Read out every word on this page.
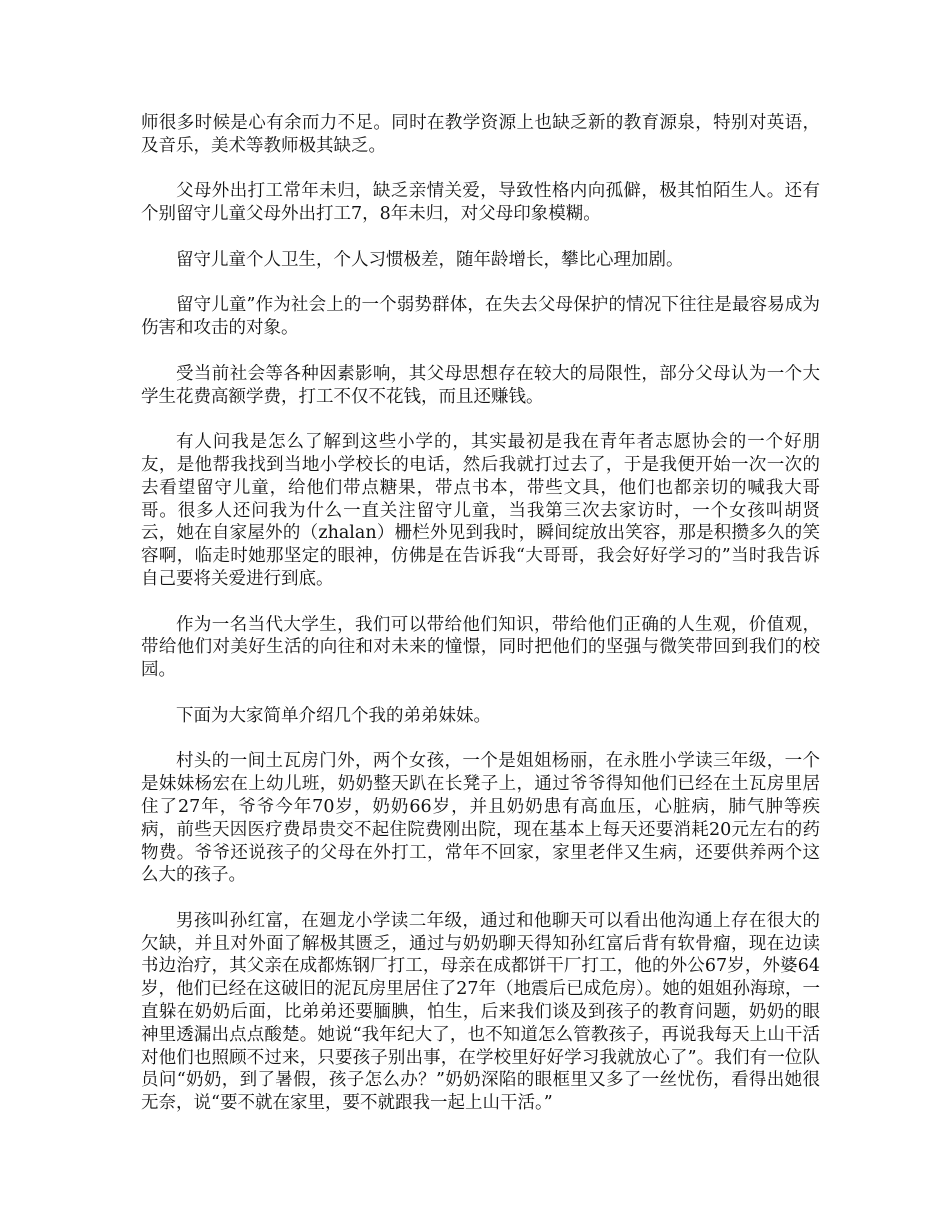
师很多时候是心有余而力不足。同时在教学资源上也缺乏新的教育源泉，特别对英语，及音乐，美术等教师极其缺乏。

父母外出打工常年未归，缺乏亲情关爱，导致性格内向孤僻，极其怕陌生人。还有个别留守儿童父母外出打工7，8年未归，对父母印象模糊。

留守儿童个人卫生，个人习惯极差，随年龄增长，攀比心理加剧。

留守儿童”作为社会上的一个弱势群体，在失去父母保护的情况下往往是最容易成为伤害和攻击的对象。

受当前社会等各种因素影响，其父母思想存在较大的局限性，部分父母认为一个大学生花费高额学费，打工不仅不花钱，而且还赚钱。

有人问我是怎么了解到这些小学的，其实最初是我在青年者志愿协会的一个好朋友，是他帮我找到当地小学校长的电话，然后我就打过去了，于是我便开始一次一次的去看望留守儿童，给他们带点糖果，带点书本，带些文具，他们也都亲切的喊我大哥哥。很多人还问我为什么一直关注留守儿童，当我第三次去家访时，一个女孩叫胡贤云，她在自家屋外的（zhalan）栅栏外见到我时，瞬间绽放出笑容，那是积攒多久的笑容啊，临走时她那坚定的眼神，仿佛是在告诉我“大哥哥，我会好好学习的”当时我告诉自己要将关爱进行到底。

作为一名当代大学生，我们可以带给他们知识，带给他们正确的人生观，价值观，带给他们对美好生活的向往和对未来的憧憬，同时把他们的坚强与微笑带回到我们的校园。

下面为大家简单介绍几个我的弟弟妹妹。

村头的一间土瓦房门外，两个女孩，一个是姐姐杨丽，在永胜小学读三年级，一个是妹妹杨宏在上幼儿班，奶奶整天趴在长凳子上，通过爷爷得知他们已经在土瓦房里居住了27年，爷爷今年70岁，奶奶66岁，并且奶奶患有高血压，心脏病，肺气肿等疾病，前些天因医疗费昂贵交不起住院费刚出院，现在基本上每天还要消耗20元左右的药物费。爷爷还说孩子的父母在外打工，常年不回家，家里老伴又生病，还要供养两个这么大的孩子。

男孩叫孙红富，在廻龙小学读二年级，通过和他聊天可以看出他沟通上存在很大的欠缺，并且对外面了解极其匮乏，通过与奶奶聊天得知孙红富后背有软骨瘤，现在边读书边治疗，其父亲在成都炼钢厂打工，母亲在成都饼干厂打工，他的外公67岁，外婆64岁，他们已经在这破旧的泥瓦房里居住了27年（地震后已成危房）。她的姐姐孙海琼，一直躲在奶奶后面，比弟弟还要腼腆，怕生，后来我们谈及到孩子的教育问题，奶奶的眼神里透漏出点点酸楚。她说“我年纪大了，也不知道怎么管教孩子，再说我每天上山干活对他们也照顾不过来，只要孩子别出事，在学校里好好学习我就放心了”。我们有一位队员问“奶奶，到了暑假，孩子怎么办？”奶奶深陷的眼框里又多了一丝忧伤，看得出她很无奈，说“要不就在家里，要不就跟我一起上山干活。”
